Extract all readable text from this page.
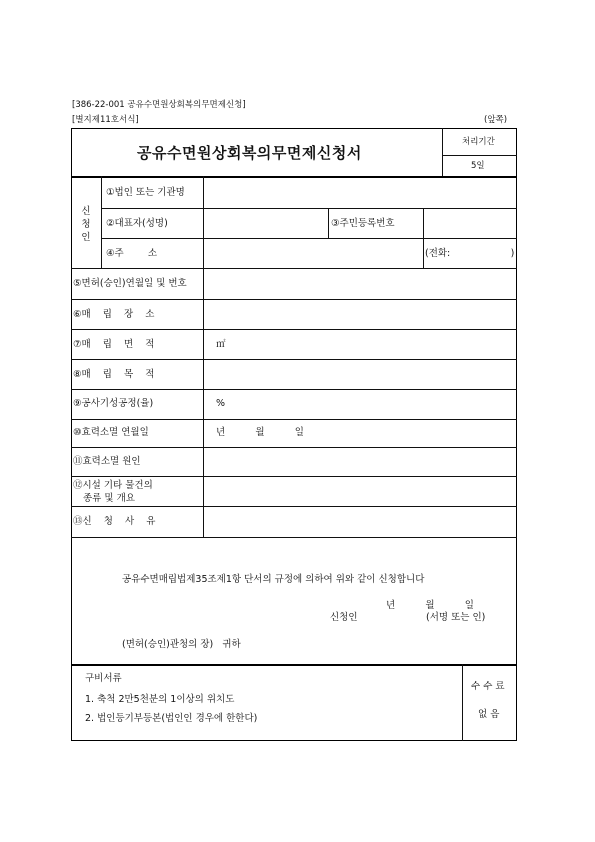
[386-22-001 공유수면원상회복의무면제신청]
[별지제11호서식]	(앞쪽)
공유수면원상회복의무면제신청서
처리기간
5일
신
청
인
①법인 또는 기관명
②대표자(성명)	③주민등록번호
④주        소	(전화:                    )
⑤면허(승인)연월일 및 번호
⑥매    립    장    소
⑦매    립    면    적	㎡
⑧매    립    목    적
⑨공사기성공정(율)	%
⑩효력소멸 연월일	년          월          일
⑪효력소멸 원인
⑫시설 기타 물건의
종류 및 개요
⑬신    청    사    유
공유수면매립법제35조제1항 단서의 규정에 의하여 위와 같이 신청합니다
년          월          일
신청인	(서명 또는 인)
(면허(승인)관청의 장)   귀하
구비서류
1. 축척 2만5천분의 1이상의 위치도
2. 법인등기부등본(법인인 경우에 한한다)
수 수 료
없 음
